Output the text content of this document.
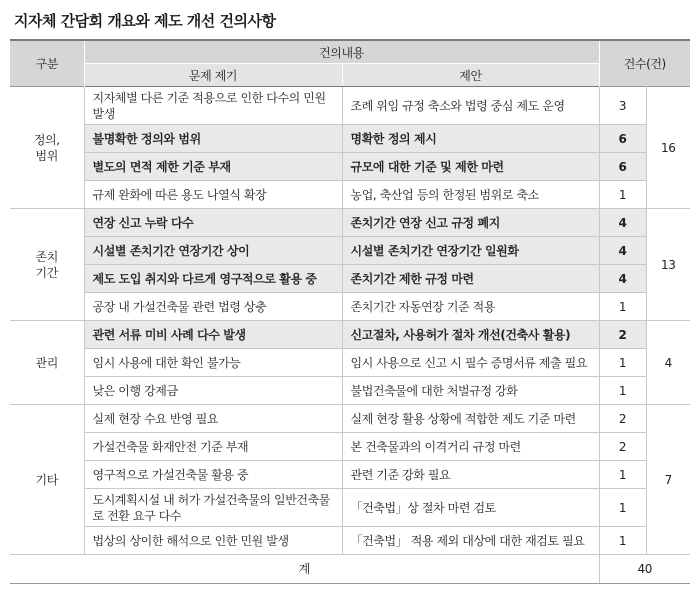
지자체 간담회 개요와 제도 개선 건의사항
구분	건의내용		건수(건)	
	문제 제기	제안		
정의,
범위	지자체별 다른 기준 적용으로 인한 다수의 민원 발생	조례 위임 규정 축소와 법령 중심 제도 운영	3	16
	불명확한 정의와 범위	명확한 정의 제시	6	
	별도의 면적 제한 기준 부재	규모에 대한 기준 및 제한 마련	6	
	규제 완화에 따른 용도 나열식 확장	농업, 축산업 등의 한정된 범위로 축소	1	
존치
기간	연장 신고 누락 다수	존치기간 연장 신고 규정 폐지	4	13
	시설별 존치기간 연장기간 상이	시설별 존치기간 연장기간 일원화	4	
	제도 도입 취지와 다르게 영구적으로 활용 중	존치기간 제한 규정 마련	4	
	공장 내 가설건축물 관련 법령 상충	존치기간 자동연장 기준 적용	1	
관리	관련 서류 미비 사례 다수 발생	신고절차, 사용허가 절차 개선(건축사 활용)	2	4
	임시 사용에 대한 확인 불가능	임시 사용으로 신고 시 필수 증명서류 제출 필요	1	
	낮은 이행 강제금	불법건축물에 대한 처벌규정 강화	1	
기타	실제 현장 수요 반영 필요	실제 현장 활용 상황에 적합한 제도 기준 마련	2	7
	가설건축물 화재안전 기준 부재	본 건축물과의 이격거리 규정 마련	2	
	영구적으로 가설건축물 활용 중	관련 기준 강화 필요	1	
	도시계획시설 내 허가 가설건축물의 일반건축물로 전환 요구 다수	「건축법」상 절차 마련 검토	1	
	법상의 상이한 해석으로 인한 민원 발생	「건축법」 적용 제외 대상에 대한 재검토 필요	1	
계			40	
